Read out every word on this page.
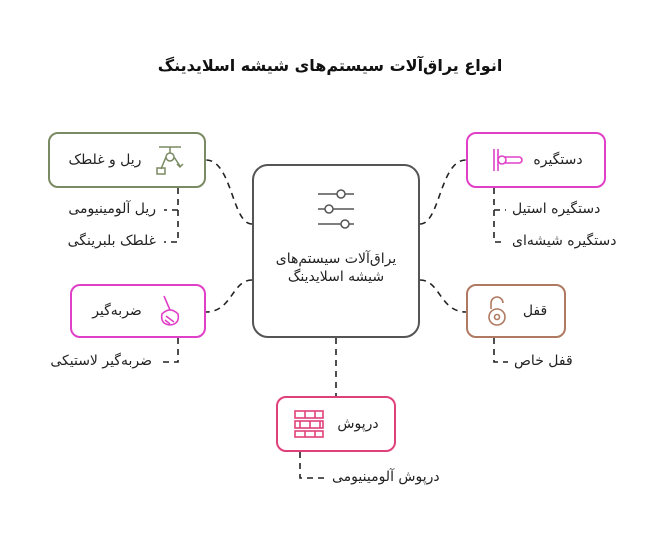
انواع یراق‌آلات سیستم‌های شیشه اسلایدینگ
یراق‌آلات سیستم‌های شیشه اسلایدینگ
ریل و غلطک	دستگیره
ضربه‌گیر	قفل
درپوش
ریل آلومینیومی
غلطک بلبرینگی
دستگیره استیل
دستگیره شیشه‌ای
ضربه‌گیر لاستیکی	قفل خاص
درپوش آلومینیومی
